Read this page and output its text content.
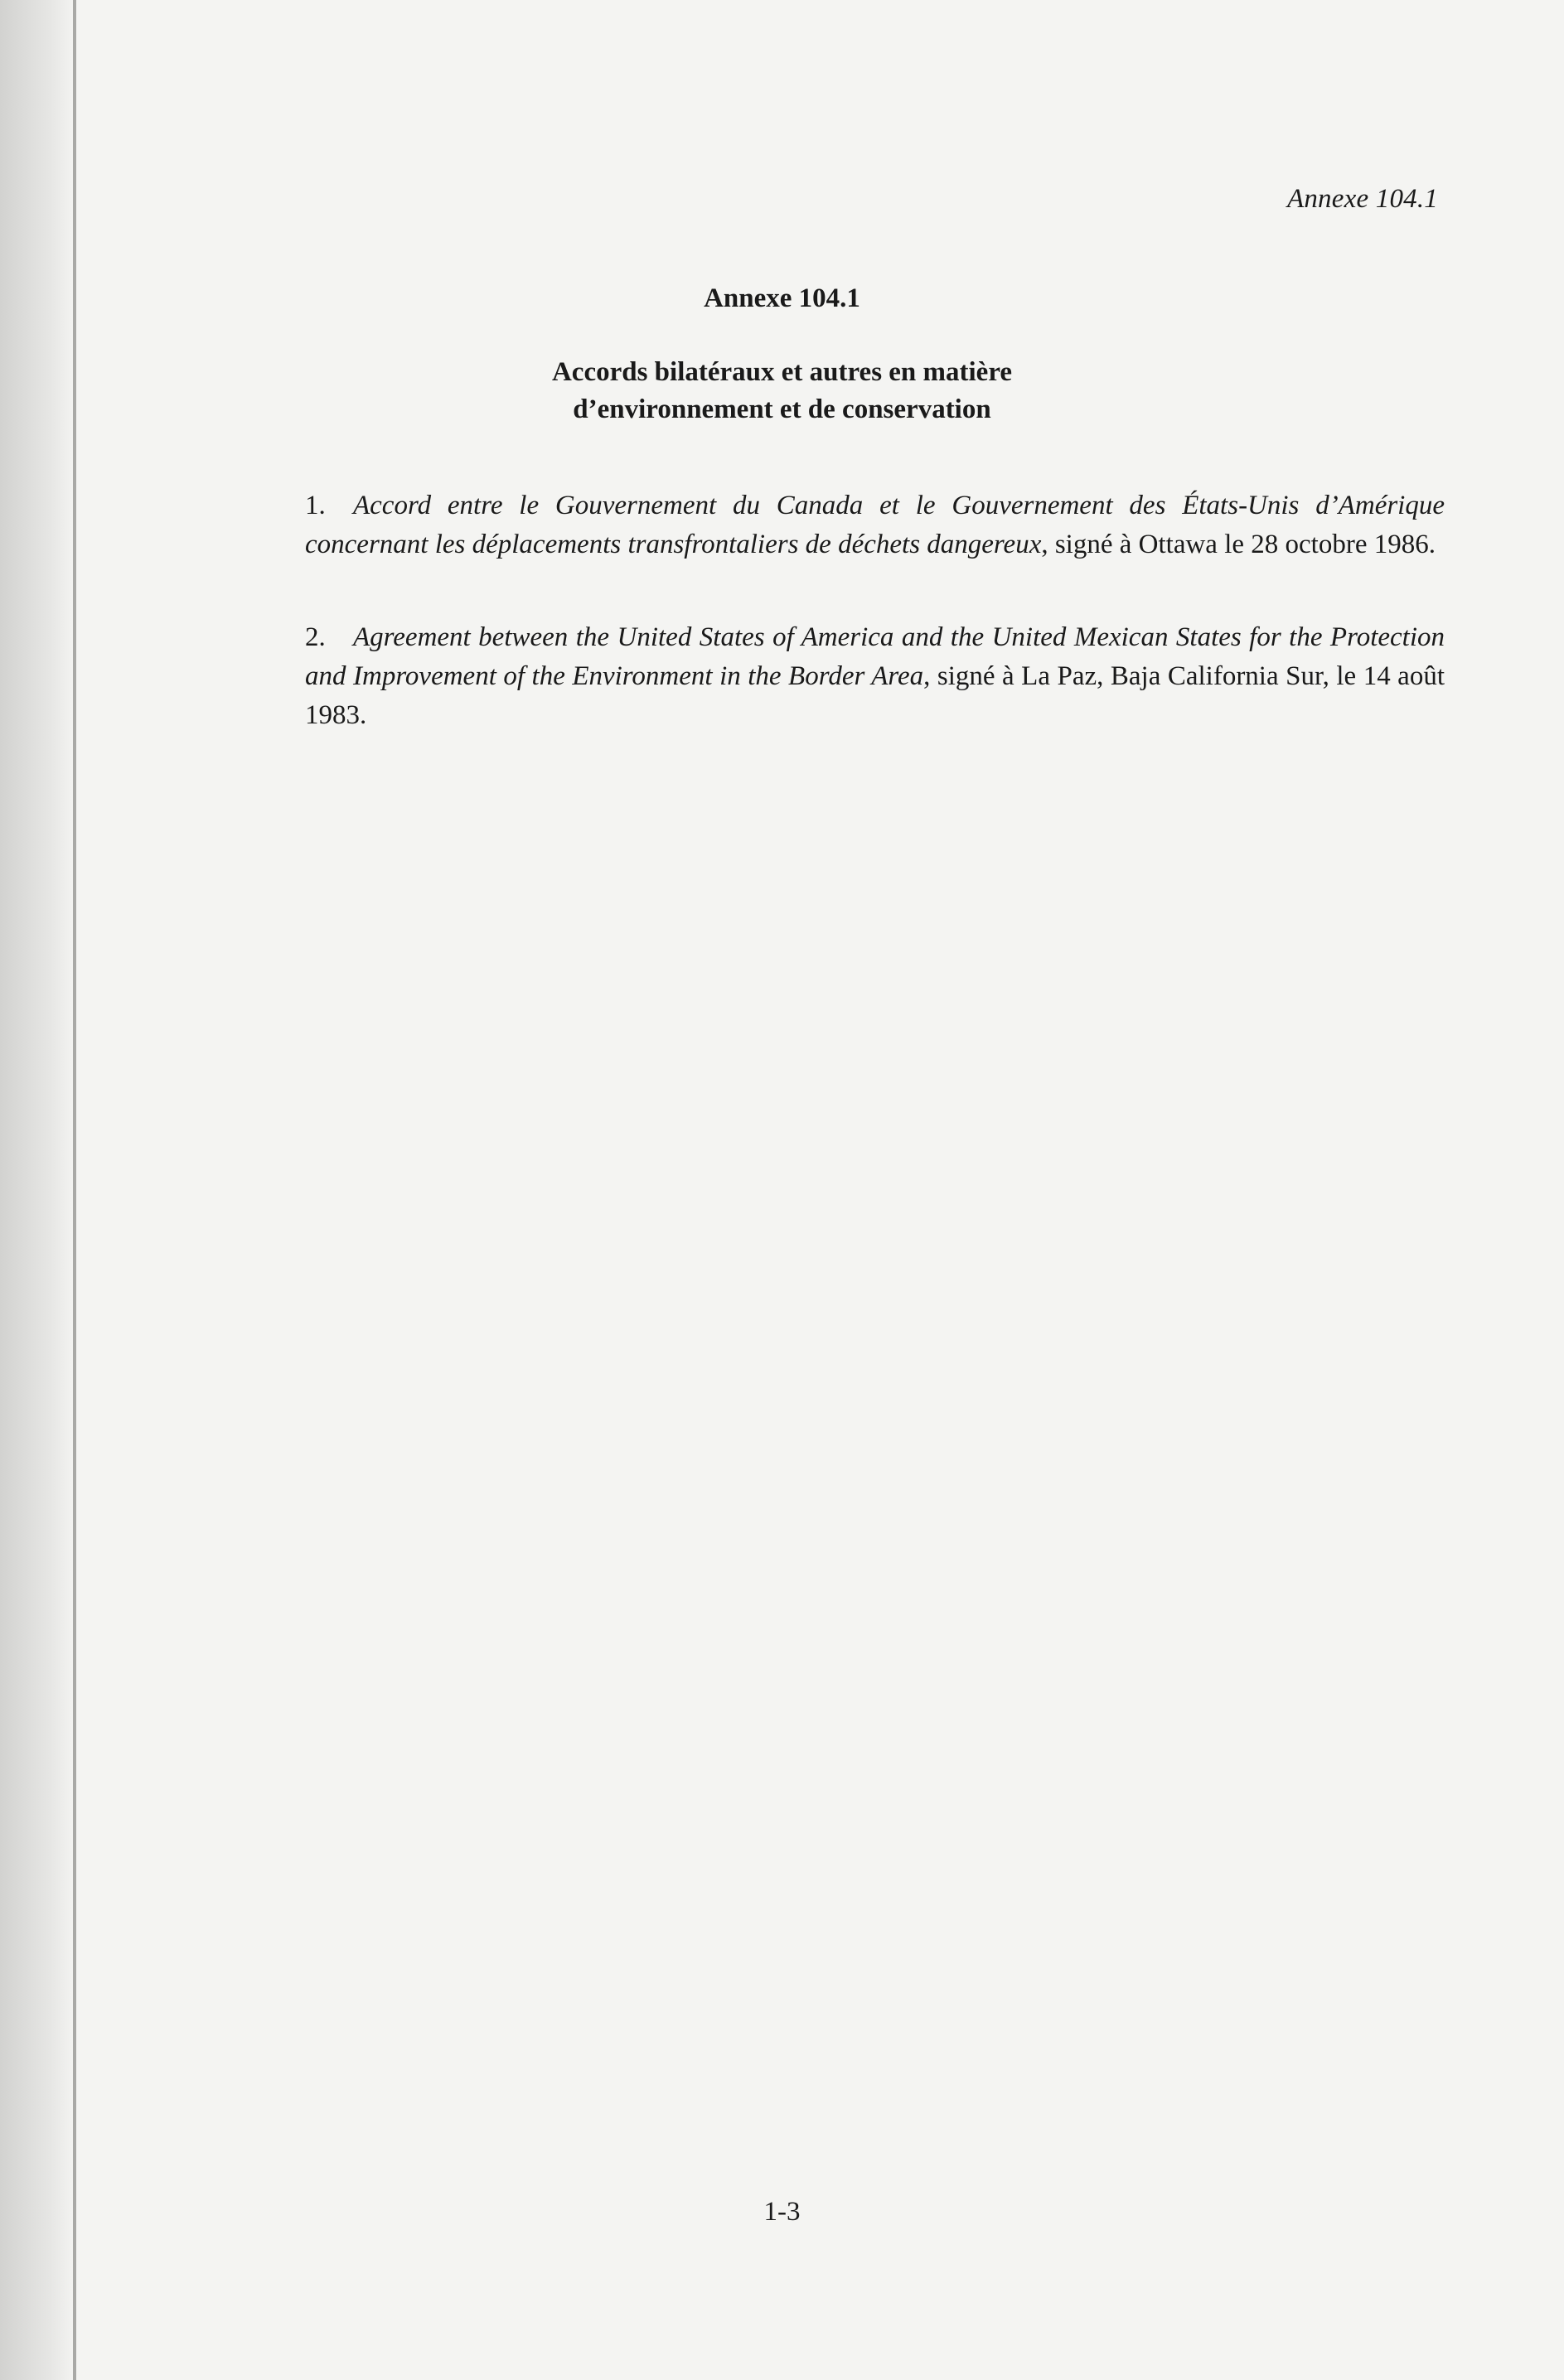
Annexe 104.1
Annexe 104.1
Accords bilatéraux et autres en matière
d’environnement et de conservation
1. Accord entre le Gouvernement du Canada et le Gouvernement des États-Unis d’Amérique concernant les déplacements transfrontaliers de déchets dangereux, signé à Ottawa le 28 octobre 1986.
2. Agreement between the United States of America and the United Mexican States for the Protection and Improvement of the Environment in the Border Area, signé à La Paz, Baja California Sur, le 14 août 1983.
1-3
